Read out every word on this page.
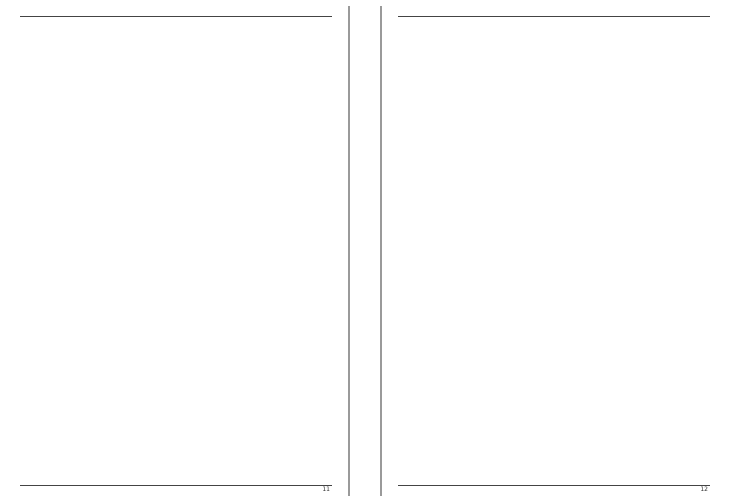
11	12
